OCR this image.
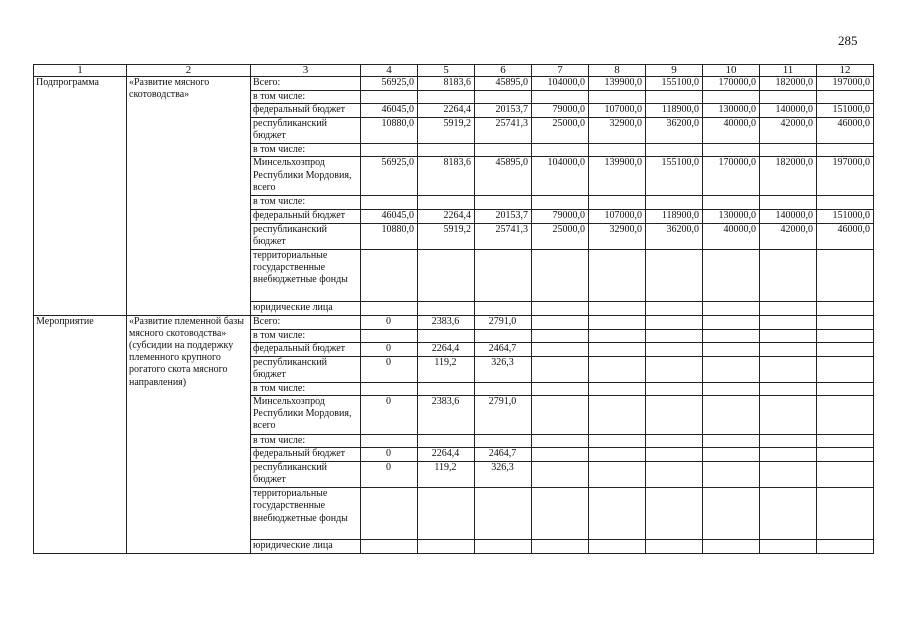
285
1	2	3	4	5	6	7	8	9	10	11	12
Подпрограмма	«Развитие мясного скотоводства»	Всего:	56925,0	8183,6	45895,0	104000,0	139900,0	155100,0	170000,0	182000,0	197000,0
		в том числе:									
		федеральный бюджет	46045,0	2264,4	20153,7	79000,0	107000,0	118900,0	130000,0	140000,0	151000,0
		республиканский бюджет	10880,0	5919,2	25741,3	25000,0	32900,0	36200,0	40000,0	42000,0	46000,0
		в том числе:									
		Минсельхозпрод Республики Мордовия, всего	56925,0	8183,6	45895,0	104000,0	139900,0	155100,0	170000,0	182000,0	197000,0
		в том числе:									
		федеральный бюджет	46045,0	2264,4	20153,7	79000,0	107000,0	118900,0	130000,0	140000,0	151000,0
		республиканский бюджет	10880,0	5919,2	25741,3	25000,0	32900,0	36200,0	40000,0	42000,0	46000,0
		территориальные государственные внебюджетные фонды									
		юридические лица									
Мероприятие	«Развитие племенной базы мясного скотоводства» (субсидии на поддержку племенного крупного рогатого скота мясного направления)	Всего:	0	2383,6	2791,0						
		в том числе:									
		федеральный бюджет	0	2264,4	2464,7						
		республиканский бюджет	0	119,2	326,3						
		в том числе:									
		Минсельхозпрод Республики Мордовия, всего	0	2383,6	2791,0						
		в том числе:									
		федеральный бюджет	0	2264,4	2464,7						
		республиканский бюджет	0	119,2	326,3						
		территориальные государственные внебюджетные фонды									
		юридические лица									
